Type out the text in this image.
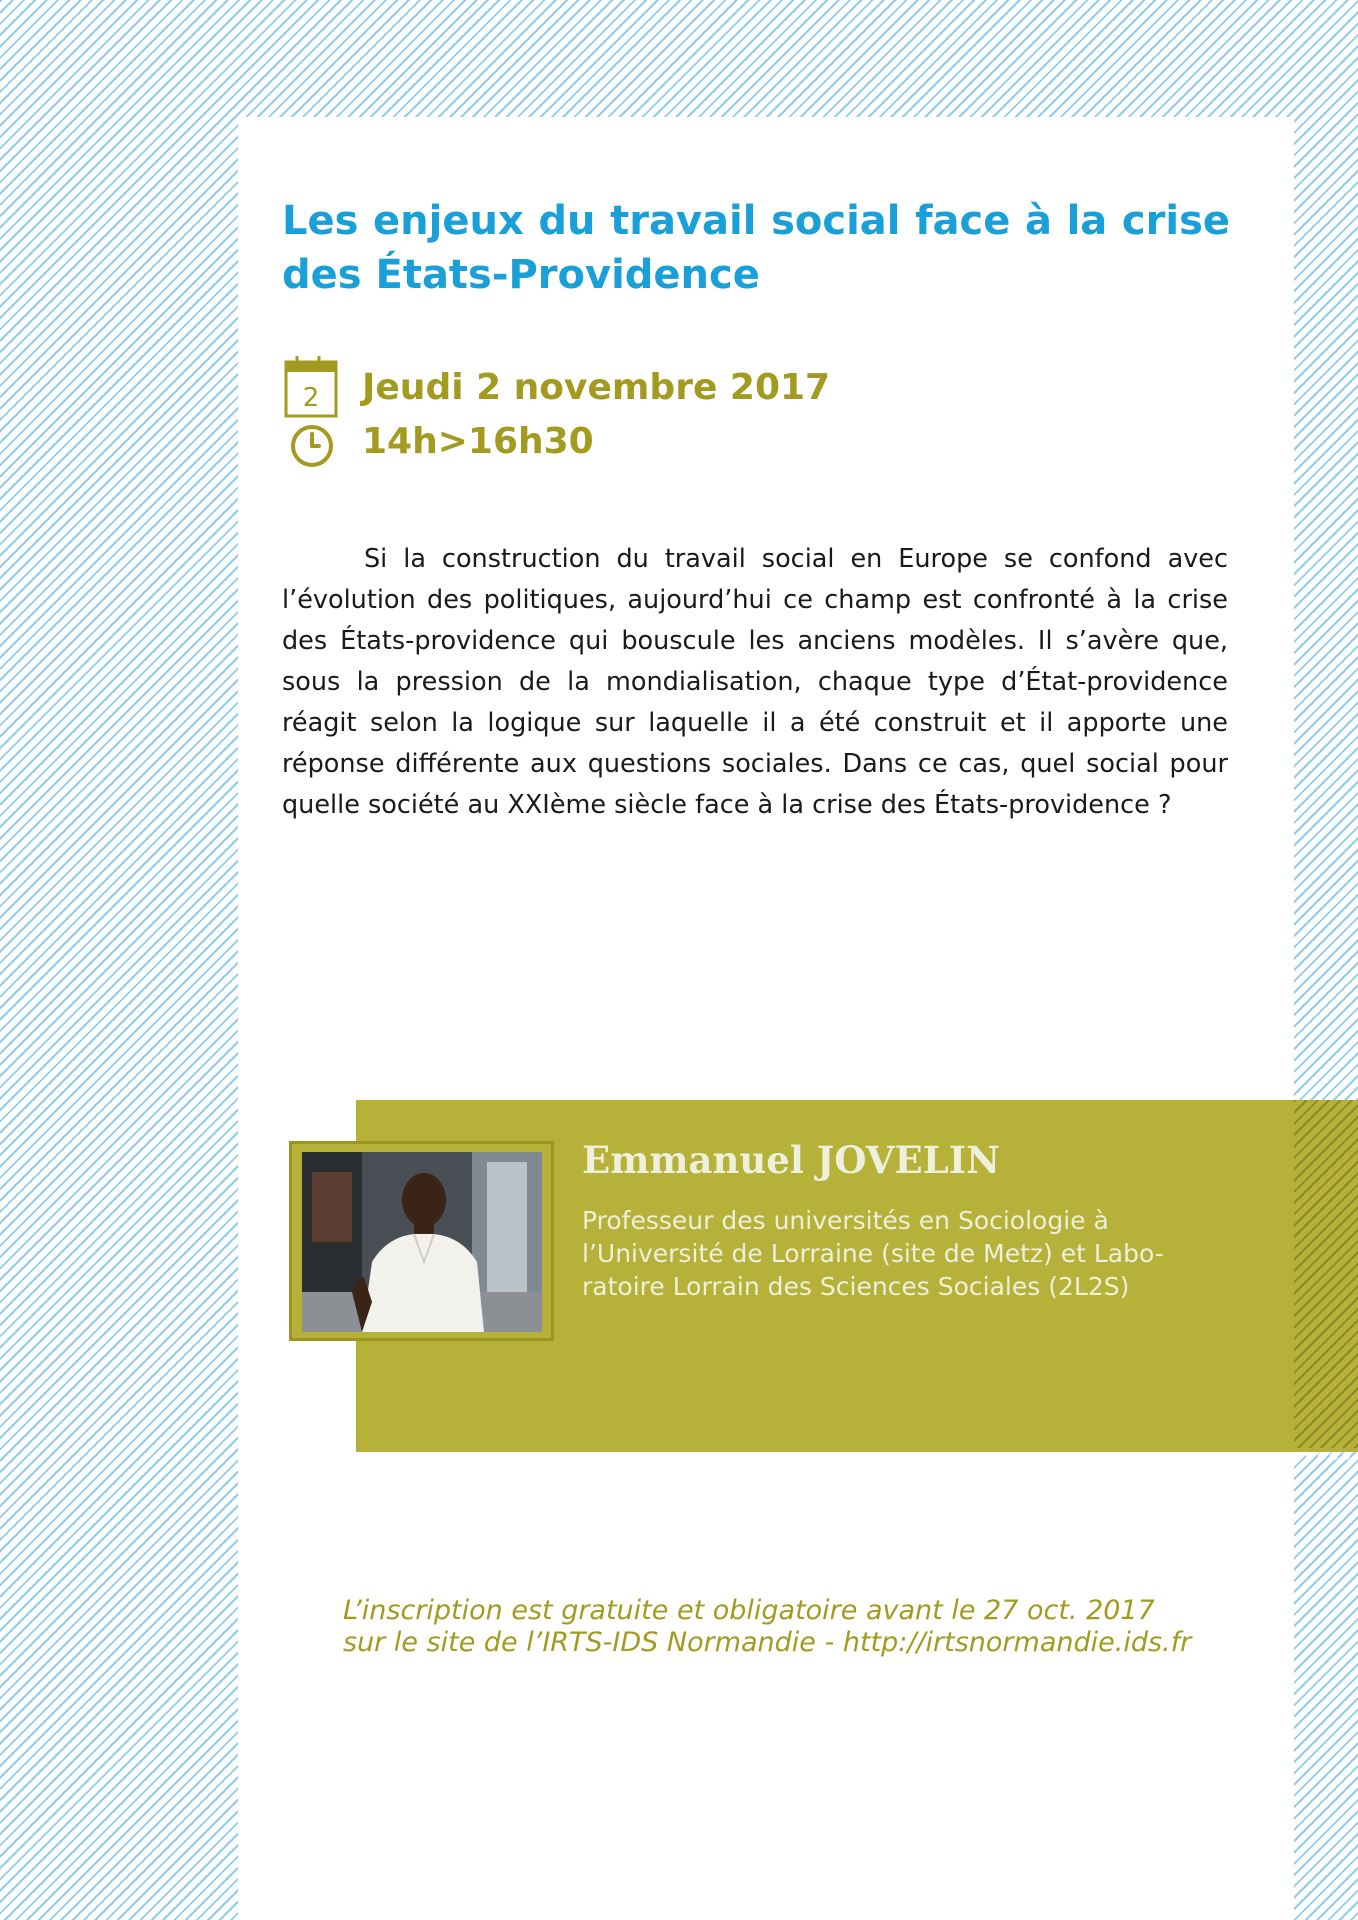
Les enjeux du travail social face à la crise
des États-Providence
2 Jeudi 2 novembre 2017

14h>16h30

Si la construction du travail social en Europe se confond avec l’évolution des politiques, aujourd’hui ce champ est confronté à la crise des États-providence qui bouscule les anciens modèles. Il s’avère que, sous la pression de la mondialisation, chaque type d’État-providence réagit selon la logique sur laquelle il a été construit et il apporte une réponse différente aux questions sociales. Dans ce cas, quel social pour quelle société au XXIème siècle face à la crise des États-providence ?

Emmanuel JOVELIN

Professeur des universités en Sociologie à
l’Université de Lorraine (site de Metz) et Labo-
ratoire Lorrain des Sciences Sociales (2L2S)

L’inscription est gratuite et obligatoire avant le 27 oct. 2017
sur le site de l’IRTS-IDS Normandie - http://irtsnormandie.ids.fr
